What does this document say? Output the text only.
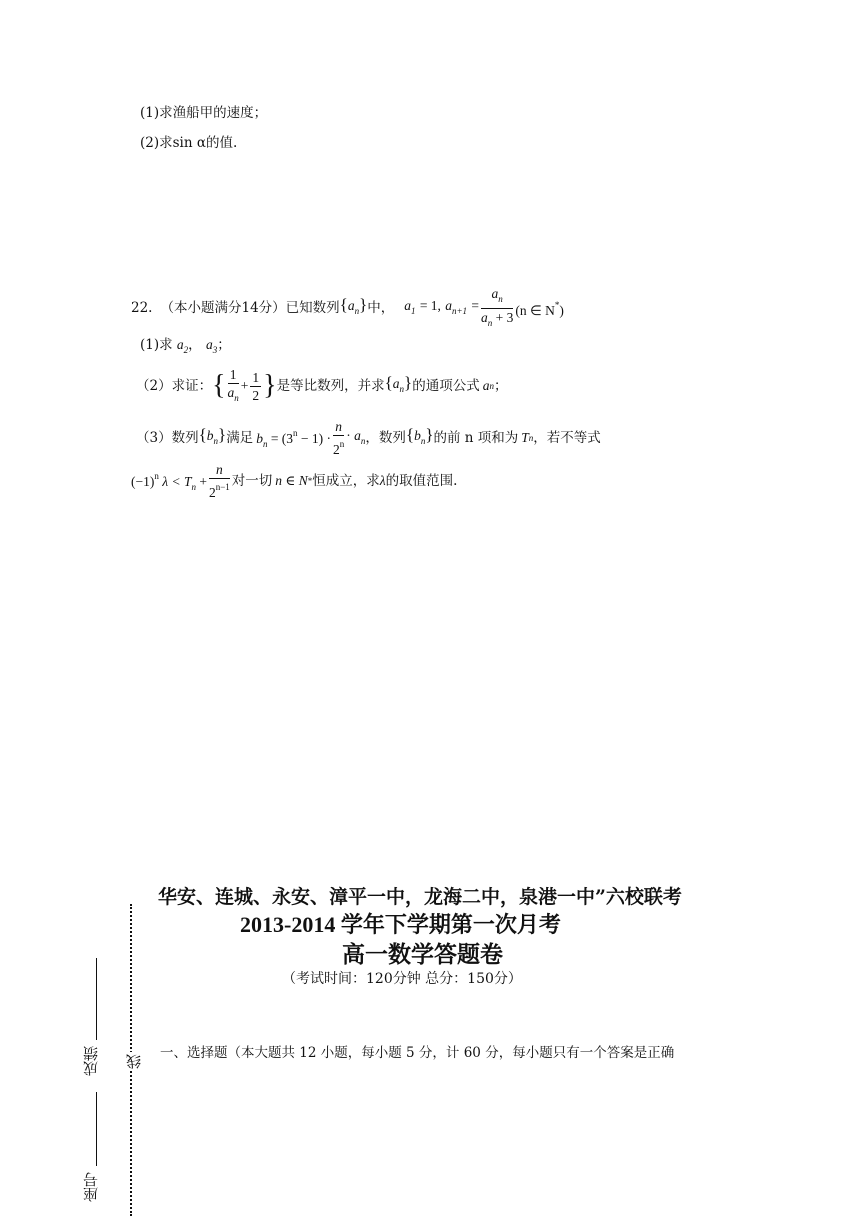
(1)求渔船甲的速度；
(2)求sin α的值.
22. （本小题满分14分）已知数列 $\{a_n\}$ 中， $a_1 = 1$, $a_{n+1} = \frac{a_n}{a_n + 3} (n$ ∈ N*)
(1)求 $a_2$， $a_3$；
（2）求证： { $\frac{1}{a_n} + \frac{1}{2}$ } 是等比数列，并求 $\{a_n\}$ 的通项公式 a n ；
（3）数列 $\{b_n\}$ 满足 $b_n = (3^n - 1) \cdot \frac{n}{2^n} \cdot a_n$ ，数列 $\{b_n\}$ 的前 n 项和为 T n ，若不等式
$(-1)^n$ $\lambda < T_n + \frac{n}{2^{n-1}}$ 对一切 n ∈ N * 恒成立，求 λ 的取值范围.
华安、连城、永安、漳平一中，龙海二中，泉港一中”六校联考
2013-2014 学年下学期第一次月考
高一数学答题卷
（考试时间：120分钟 总分：150分）
一、选择题（本大题共 12 小题，每小题 5 分，计 60 分，每小题只有一个答案是正确
线
成绩
座号
